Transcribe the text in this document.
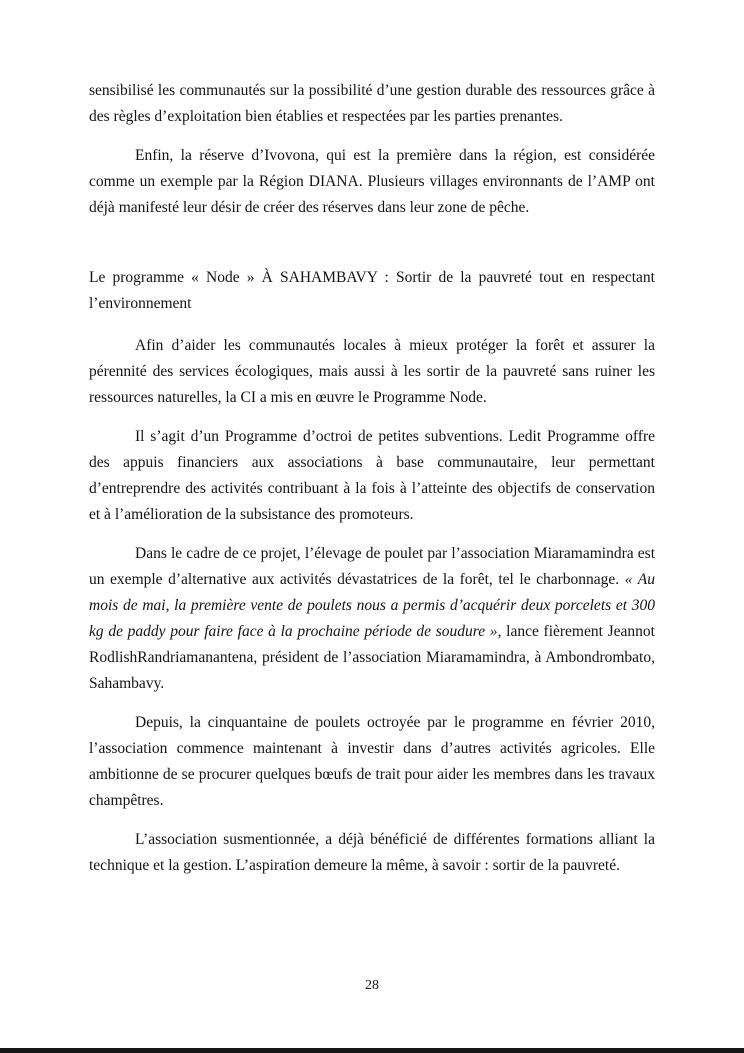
sensibilisé les communautés sur la possibilité d’une gestion durable des ressources grâce à des règles d’exploitation bien établies et respectées par les parties prenantes.

Enfin, la réserve d’Ivovona, qui est la première dans la région, est considérée comme un exemple par la Région DIANA. Plusieurs villages environnants de l’AMP ont déjà manifesté leur désir de créer des réserves dans leur zone de pêche.

Le programme « Node » À SAHAMBAVY : Sortir de la pauvreté tout en respectant l’environnement

Afin d’aider les communautés locales à mieux protéger la forêt et assurer la pérennité des services écologiques, mais aussi à les sortir de la pauvreté sans ruiner les ressources naturelles, la CI a mis en œuvre le Programme Node.

Il s’agit d’un Programme d’octroi de petites subventions. Ledit Programme offre des appuis financiers aux associations à base communautaire, leur permettant d’entreprendre des activités contribuant à la fois à l’atteinte des objectifs de conservation et à l’amélioration de la subsistance des promoteurs.

Dans le cadre de ce projet, l’élevage de poulet par l’association Miaramamindra est un exemple d’alternative aux activités dévastatrices de la forêt, tel le charbonnage. « Au mois de mai, la première vente de poulets nous a permis d’acquérir deux porcelets et 300 kg de paddy pour faire face à la prochaine période de soudure », lance fièrement Jeannot RodlishRandriamanantena, président de l’association Miaramamindra, à Ambondrombato, Sahambavy.

Depuis, la cinquantaine de poulets octroyée par le programme en février 2010, l’association commence maintenant à investir dans d’autres activités agricoles. Elle ambitionne de se procurer quelques bœufs de trait pour aider les membres dans les travaux champêtres.

L’association susmentionnée, a déjà bénéficié de différentes formations alliant la technique et la gestion. L’aspiration demeure la même, à savoir : sortir de la pauvreté.

28
